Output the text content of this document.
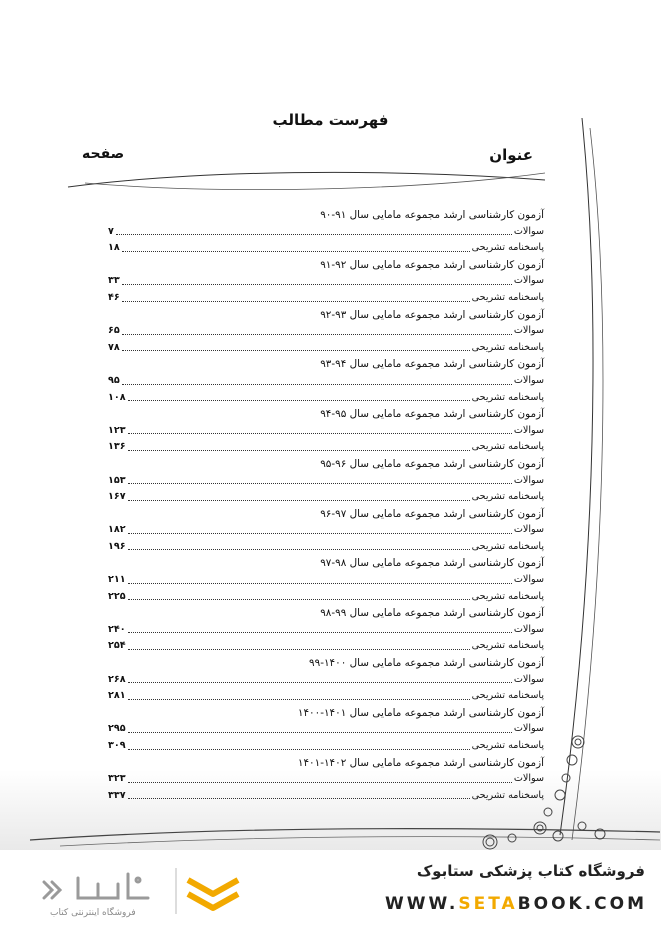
فهرست مطالب
عنوان
صفحه
آزمون کارشناسی ارشد مجموعه مامایی سال ۹۱-۹۰
سوالات
۷
پاسخنامه تشریحی
۱۸
آزمون کارشناسی ارشد مجموعه مامایی سال ۹۲-۹۱
سوالات
۳۳
پاسخنامه تشریحی
۴۶
آزمون کارشناسی ارشد مجموعه مامایی سال ۹۳-۹۲
سوالات
۶۵
پاسخنامه تشریحی
۷۸
آزمون کارشناسی ارشد مجموعه مامایی سال ۹۴-۹۳
سوالات
۹۵
پاسخنامه تشریحی
۱۰۸
آزمون کارشناسی ارشد مجموعه مامایی سال ۹۵-۹۴
سوالات
۱۲۳
پاسخنامه تشریحی
۱۳۶
آزمون کارشناسی ارشد مجموعه مامایی سال ۹۶-۹۵
سوالات
۱۵۳
پاسخنامه تشریحی
۱۶۷
آزمون کارشناسی ارشد مجموعه مامایی سال ۹۷-۹۶
سوالات
۱۸۲
پاسخنامه تشریحی
۱۹۶
آزمون کارشناسی ارشد مجموعه مامایی سال ۹۸-۹۷
سوالات
۲۱۱
پاسخنامه تشریحی
۲۲۵
آزمون کارشناسی ارشد مجموعه مامایی سال ۹۹-۹۸
سوالات
۲۴۰
پاسخنامه تشریحی
۲۵۴
آزمون کارشناسی ارشد مجموعه مامایی سال ۱۴۰۰-۹۹
سوالات
۲۶۸
پاسخنامه تشریحی
۲۸۱
آزمون کارشناسی ارشد مجموعه مامایی سال ۱۴۰۱-۱۴۰۰
سوالات
۲۹۵
پاسخنامه تشریحی
۳۰۹
آزمون کارشناسی ارشد مجموعه مامایی سال ۱۴۰۲-۱۴۰۱
سوالات
۳۲۳
پاسخنامه تشریحی
۳۳۷
فروشگاه کتاب پزشکی ستابوک
WWW.SETABOOK.COM
فروشگاه اینترنتی کتاب
